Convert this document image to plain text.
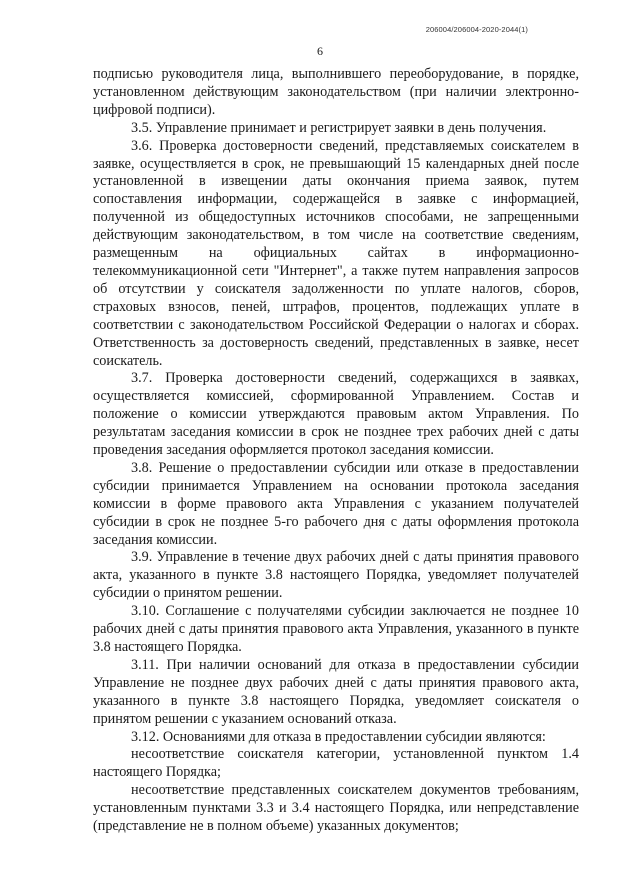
206004/206004-2020-2044(1)
6

подписью руководителя лица, выполнившего переоборудование, в порядке, установленном действующим законодательством (при наличии электронно-цифровой подписи).

3.5. Управление принимает и регистрирует заявки в день получения.

3.6. Проверка достоверности сведений, представляемых соискателем в заявке, осуществляется в срок, не превышающий 15 календарных дней после установленной в извещении даты окончания приема заявок, путем сопоставления информации, содержащейся в заявке с информацией, полученной из общедоступных источников способами, не запрещенными действующим законодательством, в том числе на соответствие сведениям, размещенным на официальных сайтах в информационно-телекоммуникационной сети "Интернет", а также путем направления запросов об отсутствии у соискателя задолженности по уплате налогов, сборов, страховых взносов, пеней, штрафов, процентов, подлежащих уплате в соответствии с законодательством Российской Федерации о налогах и сборах. Ответственность за достоверность сведений, представленных в заявке, несет соискатель.

3.7. Проверка достоверности сведений, содержащихся в заявках, осуществляется комиссией, сформированной Управлением. Состав и положение о комиссии утверждаются правовым актом Управления. По результатам заседания комиссии в срок не позднее трех рабочих дней с даты проведения заседания оформляется протокол заседания комиссии.

3.8. Решение о предоставлении субсидии или отказе в предоставлении субсидии принимается Управлением на основании протокола заседания комиссии в форме правового акта Управления с указанием получателей субсидии в срок не позднее 5-го рабочего дня с даты оформления протокола заседания комиссии.

3.9. Управление в течение двух рабочих дней с даты принятия правового акта, указанного в пункте 3.8 настоящего Порядка, уведомляет получателей субсидии о принятом решении.

3.10. Соглашение с получателями субсидии заключается не позднее 10 рабочих дней с даты принятия правового акта Управления, указанного в пункте 3.8 настоящего Порядка.

3.11. При наличии оснований для отказа в предоставлении субсидии Управление не позднее двух рабочих дней с даты принятия правового акта, указанного в пункте 3.8 настоящего Порядка, уведомляет соискателя о принятом решении с указанием оснований отказа.

3.12. Основаниями для отказа в предоставлении субсидии являются:

несоответствие соискателя категории, установленной пунктом 1.4 настоящего Порядка;

несоответствие представленных соискателем документов требованиям, установленным пунктами 3.3 и 3.4 настоящего Порядка, или непредставление (представление не в полном объеме) указанных документов;
